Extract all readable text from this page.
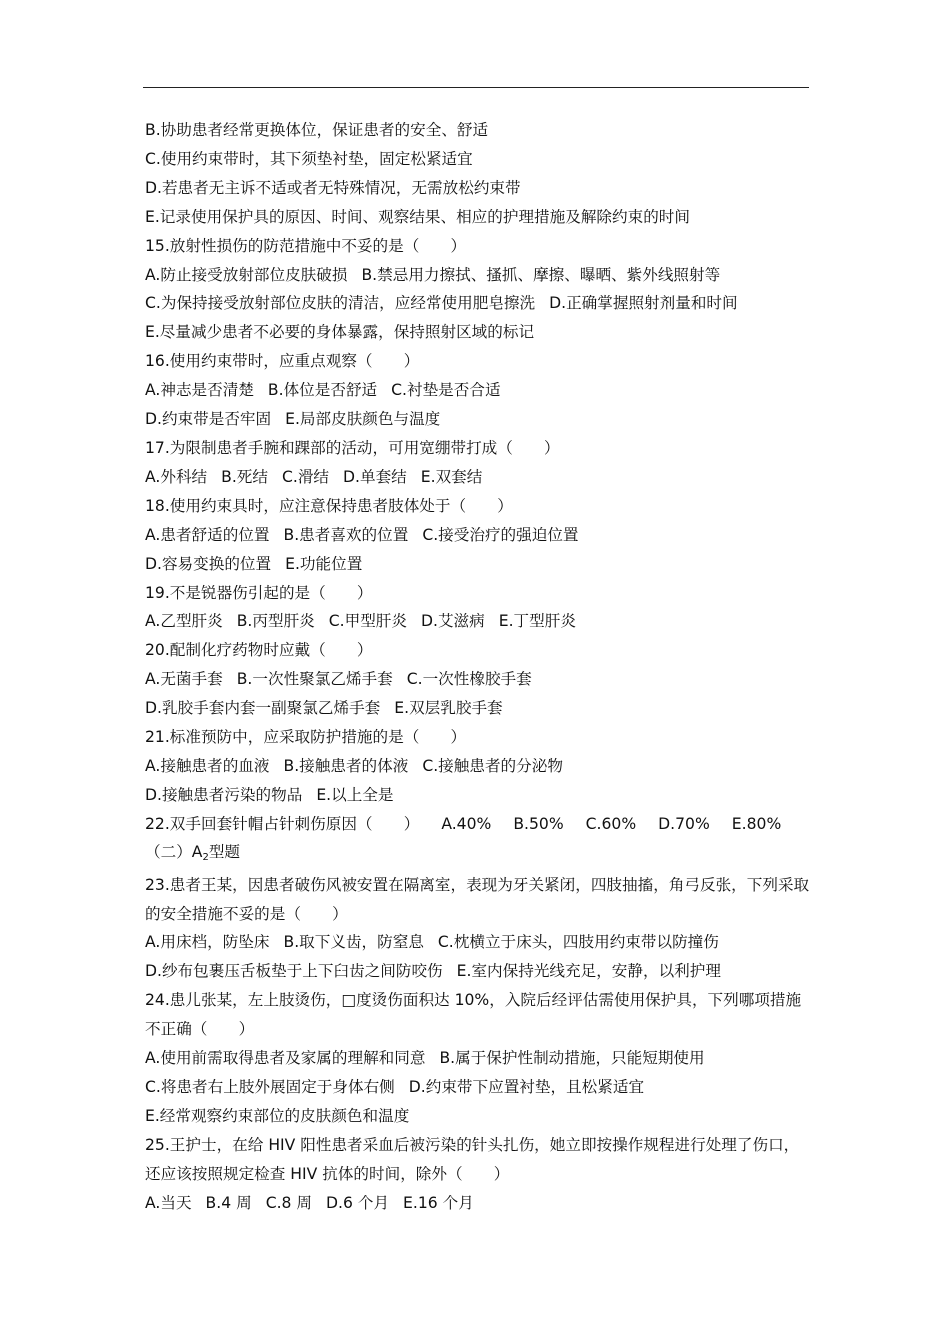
B.协助患者经常更换体位，保证患者的安全、舒适
C.使用约束带时，其下须垫衬垫，固定松紧适宜
D.若患者无主诉不适或者无特殊情况，无需放松约束带
E.记录使用保护具的原因、时间、观察结果、相应的护理措施及解除约束的时间
15.放射性损伤的防范措施中不妥的是（　　）
A.防止接受放射部位皮肤破损 B.禁忌用力擦拭、搔抓、摩擦、曝晒、紫外线照射等
C.为保持接受放射部位皮肤的清洁，应经常使用肥皂擦洗 D.正确掌握照射剂量和时间
E.尽量减少患者不必要的身体暴露，保持照射区域的标记
16.使用约束带时，应重点观察（　　）
A.神志是否清楚 B.体位是否舒适 C.衬垫是否合适
D.约束带是否牢固 E.局部皮肤颜色与温度
17.为限制患者手腕和踝部的活动，可用宽绷带打成（　　）
A.外科结 B.死结 C.滑结 D.单套结 E.双套结
18.使用约束具时，应注意保持患者肢体处于（　　）
A.患者舒适的位置 B.患者喜欢的位置 C.接受治疗的强迫位置
D.容易变换的位置 E.功能位置
19.不是锐器伤引起的是（　　）
A.乙型肝炎 B.丙型肝炎 C.甲型肝炎 D.艾滋病 E.丁型肝炎
20.配制化疗药物时应戴（　　）
A.无菌手套 B.一次性聚氯乙烯手套 C.一次性橡胶手套
D.乳胶手套内套一副聚氯乙烯手套 E.双层乳胶手套
21.标准预防中，应采取防护措施的是（　　）
A.接触患者的血液 B.接触患者的体液 C.接触患者的分泌物
D.接触患者污染的物品 E.以上全是
22.双手回套针帽占针刺伤原因（　　） A.40% B.50% C.60% D.70% E.80%
（二）$A_2$型题
23.患者王某，因患者破伤风被安置在隔离室，表现为牙关紧闭，四肢抽搐，角弓反张，下列采取的安全措施不妥的是（　　）
A.用床档，防坠床 B.取下义齿，防窒息 C.枕横立于床头，四肢用约束带以防撞伤
D.纱布包裹压舌板垫于上下臼齿之间防咬伤 E.室内保持光线充足，安静，以利护理
24.患儿张某，左上肢烫伤，□度烫伤面积达 10%，入院后经评估需使用保护具，下列哪项措施不正确（　　）
A.使用前需取得患者及家属的理解和同意 B.属于保护性制动措施，只能短期使用
C.将患者右上肢外展固定于身体右侧 D.约束带下应置衬垫，且松紧适宜
E.经常观察约束部位的皮肤颜色和温度
25.王护士，在给 HIV 阳性患者采血后被污染的针头扎伤，她立即按操作规程进行处理了伤口，还应该按照规定检查 HIV 抗体的时间，除外（　　）
A.当天 B.4 周 C.8 周 D.6 个月 E.16 个月
